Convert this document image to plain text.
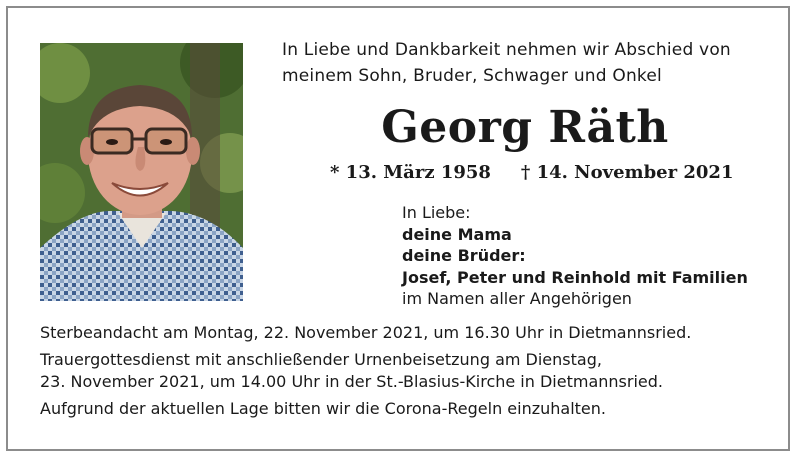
In Liebe und Dankbarkeit nehmen wir Abschied von
meinem Sohn, Bruder, Schwager und Onkel
Georg Räth
* 13. März 1958 † 14. November 2021
In Liebe:
deine Mama
deine Brüder:
Josef, Peter und Reinhold mit Familien
im Namen aller Angehörigen

Sterbeandacht am Montag, 22. November 2021, um 16.30 Uhr in Dietmannsried.

Trauergottesdienst mit anschließender Urnenbeisetzung am Dienstag,
23. November 2021, um 14.00 Uhr in der St.-Blasius-Kirche in Dietmannsried.

Aufgrund der aktuellen Lage bitten wir die Corona-Regeln einzuhalten.
